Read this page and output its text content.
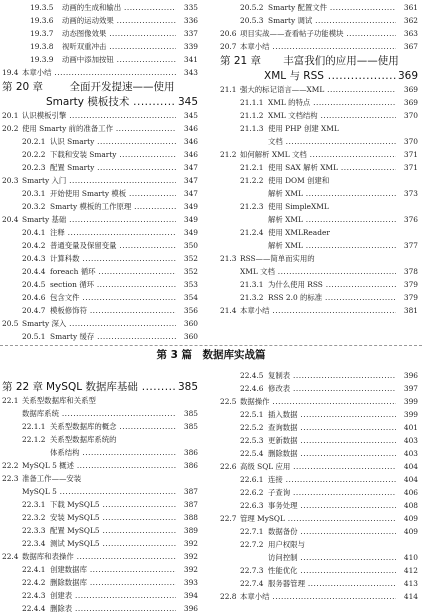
19.3.5 动画的生成和输出 .....	335
19.3.6 动画的运动效果 .....	336
19.3.7 动态图像效果 .....	337
19.3.8 视听双重冲击 .....	339
19.3.9 动画中添加按钮 .....	341
19.4 本章小结 .....	343
第 20 章	全面开发提速——使用
Smarty 模板技术 .....	345
20.1 认识模板引擎 .....	345
20.2 使用 Smarty 前的准备工作 .....	346
20.2.1 认识 Smarty .....	346
20.2.2 下载和安装 Smarty .....	346
20.2.3 配置 Smarty .....	347
20.3 Smarty 入门 .....	347
20.3.1 开始使用 Smarty 模板 .....	347
20.3.2 Smarty 模板的工作原理 .....	349
20.4 Smarty 基础 .....	349
20.4.1 注释 .....	349
20.4.2 普通变量及保留变量 .....	350
20.4.3 计算科数 .....	352
20.4.4 foreach 循环 .....	352
20.4.5 section 循环 .....	353
20.4.6 包含文件 .....	354
20.4.7 模板修饰符 .....	356
20.5 Smarty 深入 .....	360
20.5.1 Smarty 缓存 .....	360
20.5.2 Smarty 配置文件 .....	361
20.5.3 Smarty 调试 .....	362
20.6 项目实战——查看帖子功能模块 .....	363
20.7 本章小结 .....	367
第 21 章	丰富我们的应用——使用
XML 与 RSS .....	369
21.1 强大的标记语言——XML .....	369
21.1.1 XML 的特点 .....	369
21.1.2 XML 文档结构 .....	370
21.1.3 使用 PHP 创建 XML
文档 .....	370
21.2 如何解析 XML 文档 .....	371
21.2.1 使用 SAX 解析 XML .....	371
21.2.2 使用 DOM 创建和
解析 XML .....	373
21.2.3 使用 SimpleXML
解析 XML .....	376
21.2.4 使用 XMLReader
解析 XML .....	377
21.3 RSS——简单而实用的
XML 文档 .....	378
21.3.1 为什么使用 RSS .....	379
21.3.2 RSS 2.0 的标准 .....	379
21.4 本章小结 .....	381
第 3 篇　数据库实战篇
第 22 章 MySQL 数据库基础 .....	385
22.1 关系型数据库和关系型
数据库系统 .....	385
22.1.1 关系型数据库的概念 .....	385
22.1.2 关系型数据库系统的
体系结构 .....	386
22.2 MySQL 5 概述 .....	386
22.3 准备工作——安装
MySQL 5 .....	387
22.3.1 下载 MySQL5 .....	387
22.3.2 安装 MySQL5 .....	388
22.3.3 配置 MySQL5 .....	389
22.3.4 测试 MySQL5 .....	392
22.4 数据库和表操作 .....	392
22.4.1 创建数据库 .....	392
22.4.2 删除数据库 .....	393
22.4.3 创建表 .....	394
22.4.4 删除表 .....	396
22.4.5 复制表 .....	396
22.4.6 修改表 .....	397
22.5 数据操作 .....	399
22.5.1 插入数据 .....	399
22.5.2 查询数据 .....	401
22.5.3 更新数据 .....	403
22.5.4 删除数据 .....	403
22.6 高级 SQL 应用 .....	404
22.6.1 连接 .....	404
22.6.2 子查询 .....	406
22.6.3 事务处理 .....	408
22.7 管理 MySQL .....	409
22.7.1 数据备份 .....	409
22.7.2 用户权限与
访问控制 .....	410
22.7.3 性能优化 .....	412
22.7.4 服务器管理 .....	413
22.8 本章小结 .....	414
